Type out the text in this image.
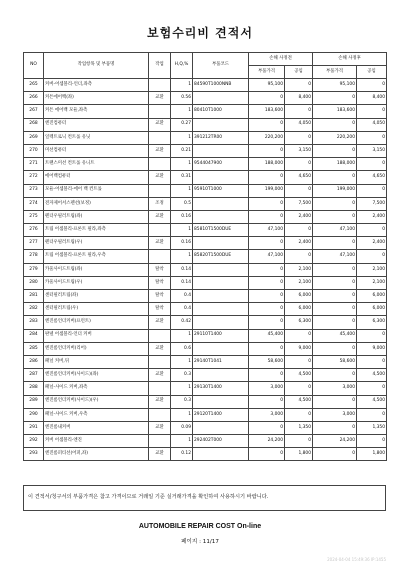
보험수리비 견적서
NO	작업항목 및 부품명	작업	H,Q,%	부품코드	손해 사정전		손해 사정후	
					부품가격	공임	부품가격	공임
265	커버-어셈블리-언더,좌측		1	84590T1000NNB	95,100	0	95,100	0
266	커튼에어백(좌)	교환	0.56		0	8,400	0	8,400
267	커튼 에어백 모듈,좌측		1	80410T1000	183,600	0	183,600	0
268	엔진컴퓨터	교환	0.27		0	4,050	0	4,050
269	일렉트로닉 컨트롤 유닛		1	391212TR00	220,200	0	220,200	0
270	미션컴퓨터	교환	0.21		0	3,150	0	3,150
271	트랜스미션 컨트롤 유니트		1	9544047900	188,000	0	188,000	0
272	에어백컴퓨터	교환	0.31		0	4,650	0	4,650
273	모듈-어셈블리-에어 백 컨트롤		1	95910T1000	199,000	0	199,000	0
274	전자제어서스펜션(보정)	조정	0.5		0	7,500	0	7,500
275	펜더우필러트림(좌)	교환	0.16		0	2,400	0	2,400
276	트림 어셈블리-프론트 필라,좌측		1	85810T1500DUE	47,100	0	47,100	0
277	펜더우필러트림(우)	교환	0.16		0	2,400	0	2,400
278	트림 어셈블리-프론트 필라,우측		1	85820T1500DUE	47,100	0	47,100	0
279	카울사이드트림(좌)	탈착	0.14		0	2,100	0	2,100
280	카울사이드트림(우)	탈착	0.14		0	2,100	0	2,100
281	센터필러트림(좌)	탈착	0.4		0	6,000	0	6,000
282	센터필러트림(우)	탈착	0.4		0	6,000	0	6,000
283	엔진룸언더커버(프런트)	교환	0.42		0	6,300	0	6,300
284	판넬 어셈블리-언더 커버		1	29110T1400	45,400	0	45,400	0
285	엔진룸언더커버(리어)	교환	0.6		0	9,000	0	9,000
286	패널 커버,뒤		1	29140T1041	58,600	0	58,600	0
287	엔진룸언더커버(사이드)(좌)	교환	0.3		0	4,500	0	4,500
288	패널-사이드 커버,좌측		1	29130T1400	3,000	0	3,000	0
289	엔진룸언더커버(사이드)(우)	교환	0.3		0	4,500	0	4,500
290	패널-사이드 커버,우측		1	29120T1400	3,000	0	3,000	0
291	엔진룸내커버	교환	0.09		0	1,350	0	1,350
292	커버 어셈블리-엔진		1	292402T000	24,200	0	24,200	0
293	엔진룸퍼티션(어퍼,좌)	교환	0.12		0	1,800	0	1,800
이 견적서/청구서의 부품가격은 참고 가격이므로 거래일 기준 실거래가격을 확인하여 사용하시기 바랍니다.
AUTOMOBILE REPAIR COST On-line
페이지 : 11/17
2024-04-04 15:49:36 IP:1455
